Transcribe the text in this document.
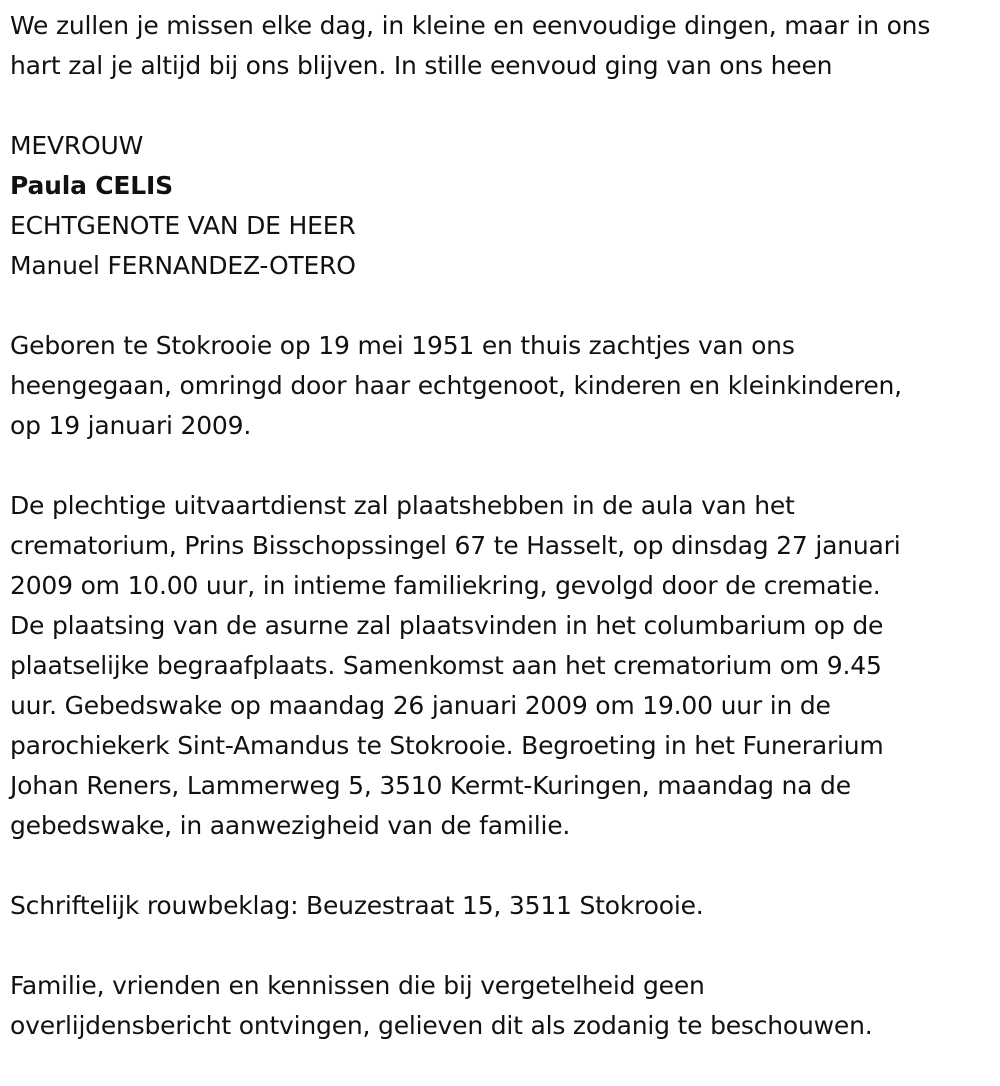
We zullen je missen elke dag, in kleine en eenvoudige dingen, maar in ons
hart zal je altijd bij ons blijven. In stille eenvoud ging van ons heen

MEVROUW
Paula CELIS
ECHTGENOTE VAN DE HEER
Manuel FERNANDEZ-OTERO

Geboren te Stokrooie op 19 mei 1951 en thuis zachtjes van ons
heengegaan, omringd door haar echtgenoot, kinderen en kleinkinderen,
op 19 januari 2009.

De plechtige uitvaartdienst zal plaatshebben in de aula van het
crematorium, Prins Bisschopssingel 67 te Hasselt, op dinsdag 27 januari
2009 om 10.00 uur, in intieme familiekring, gevolgd door de crematie.
De plaatsing van de asurne zal plaatsvinden in het columbarium op de
plaatselijke begraafplaats. Samenkomst aan het crematorium om 9.45
uur. Gebedswake op maandag 26 januari 2009 om 19.00 uur in de
parochiekerk Sint-Amandus te Stokrooie. Begroeting in het Funerarium
Johan Reners, Lammerweg 5, 3510 Kermt-Kuringen, maandag na de
gebedswake, in aanwezigheid van de familie.

Schriftelijk rouwbeklag: Beuzestraat 15, 3511 Stokrooie.

Familie, vrienden en kennissen die bij vergetelheid geen
overlijdensbericht ontvingen, gelieven dit als zodanig te beschouwen.
